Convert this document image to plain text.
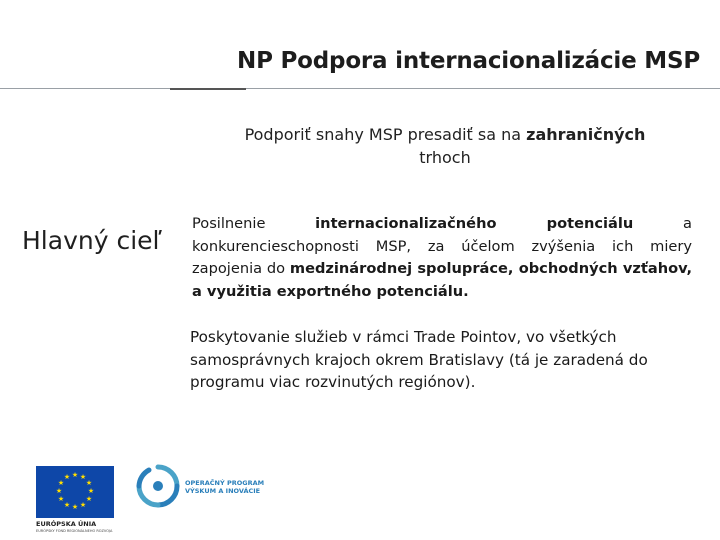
NP Podpora internacionalizácie MSP
Podporiť snahy MSP presadiť sa na zahraničných
trhoch
Hlavný cieľ
Posilnenie internacionalizačného potenciálu a konkurencieschopnosti MSP, za účelom zvýšenia ich miery zapojenia do medzinárodnej spolupráce, obchodných vzťahov, a využitia exportného potenciálu.
Poskytovanie služieb v rámci Trade Pointov, vo všetkých samosprávnych krajoch okrem Bratislavy (tá je zaradená do programu viac rozvinutých regiónov).
★ ★
★
★
★
★
★
★
★
★
★
★
EURÓPSKA ÚNIA
EURÓPSKY FOND REGIONÁLNEHO ROZVOJA
OPERAČNÝ PROGRAM
VÝSKUM A INOVÁCIE
